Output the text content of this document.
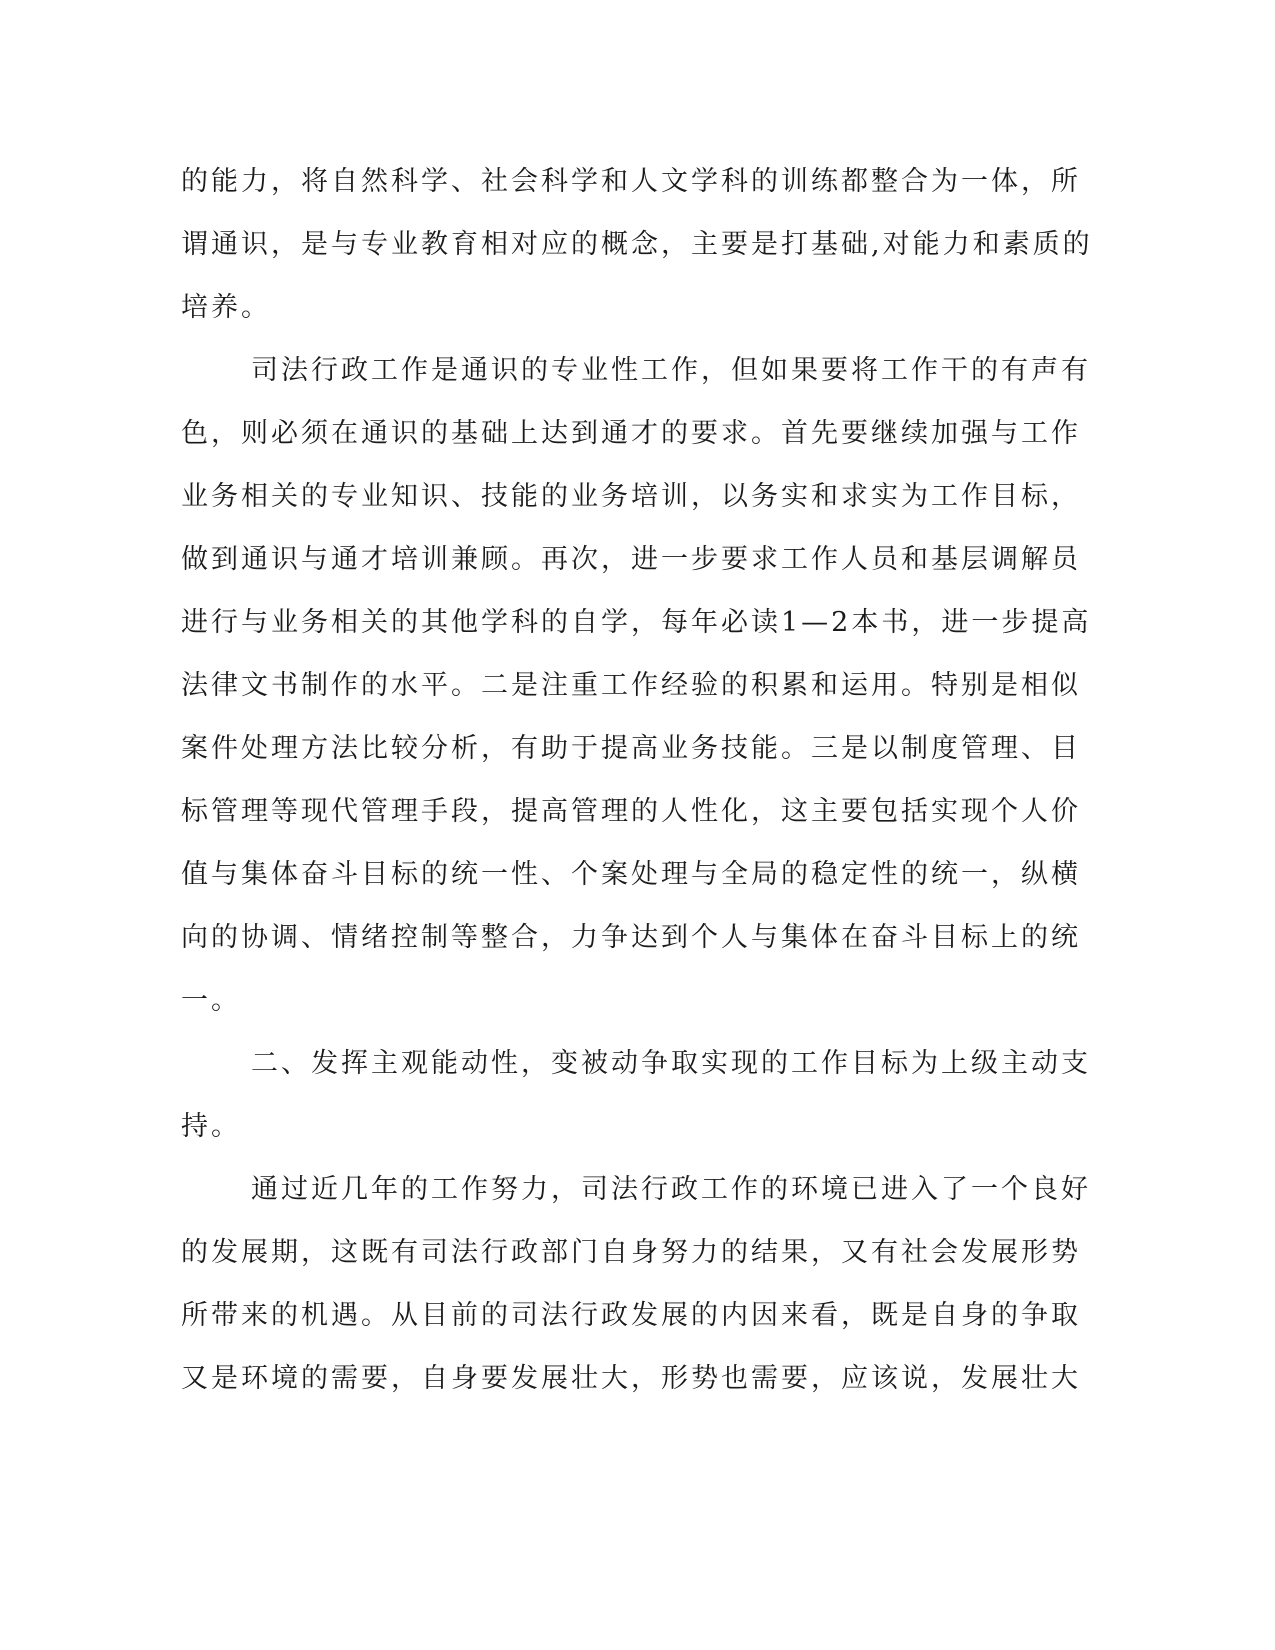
的能力，将自然科学、社会科学和人文学科的训练都整合为一体，所
谓通识，是与专业教育相对应的概念，主要是打基础,对能力和素质的
培养。
司法行政工作是通识的专业性工作，但如果要将工作干的有声有
色，则必须在通识的基础上达到通才的要求。首先要继续加强与工作
业务相关的专业知识、技能的业务培训，以务实和求实为工作目标，
做到通识与通才培训兼顾。再次，进一步要求工作人员和基层调解员
进行与业务相关的其他学科的自学，每年必读1—2本书，进一步提高
法律文书制作的水平。二是注重工作经验的积累和运用。特别是相似
案件处理方法比较分析，有助于提高业务技能。三是以制度管理、目
标管理等现代管理手段，提高管理的人性化，这主要包括实现个人价
值与集体奋斗目标的统一性、个案处理与全局的稳定性的统一，纵横
向的协调、情绪控制等整合，力争达到个人与集体在奋斗目标上的统
一。
二、发挥主观能动性，变被动争取实现的工作目标为上级主动支
持。
通过近几年的工作努力，司法行政工作的环境已进入了一个良好
的发展期，这既有司法行政部门自身努力的结果，又有社会发展形势
所带来的机遇。从目前的司法行政发展的内因来看，既是自身的争取
又是环境的需要，自身要发展壮大，形势也需要，应该说，发展壮大
